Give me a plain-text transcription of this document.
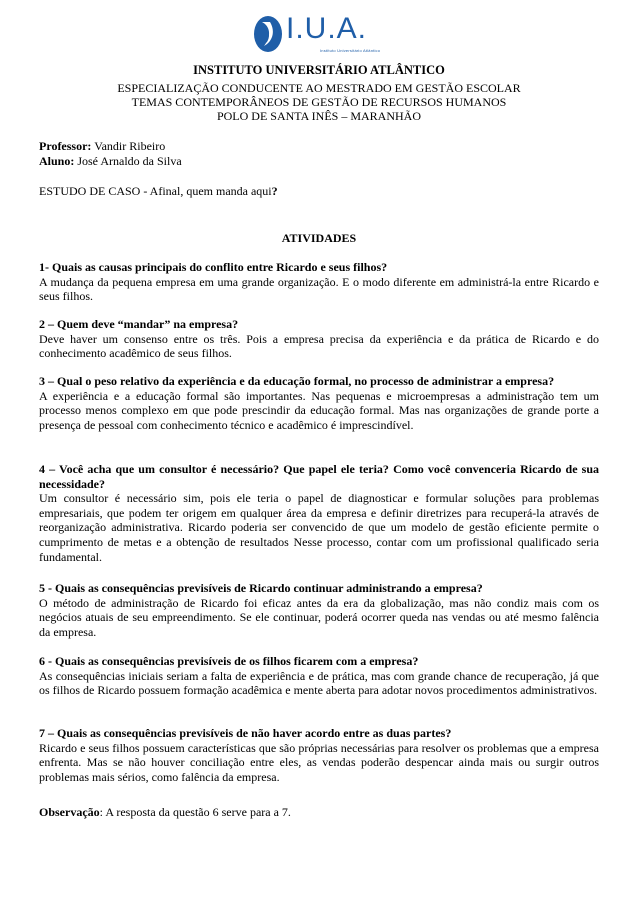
I.U.A.
Instituto Universitário Atlântico
INSTITUTO UNIVERSITÁRIO ATLÂNTICO
ESPECIALIZAÇÃO CONDUCENTE AO MESTRADO EM GESTÃO ESCOLAR
TEMAS CONTEMPORÂNEOS DE GESTÃO DE RECURSOS HUMANOS
POLO DE SANTA INÊS – MARANHÃO
Professor: Vandir Ribeiro
Aluno: José Arnaldo da Silva
ESTUDO DE CASO - Afinal, quem manda aqui?
ATIVIDADES
1- Quais as causas principais do conflito entre Ricardo e seus filhos?
A mudança da pequena empresa em uma grande organização. E o modo diferente em administrá-la entre Ricardo e seus filhos.
2 – Quem deve “mandar” na empresa?
Deve haver um consenso entre os três. Pois a empresa precisa da experiência e da prática de Ricardo e do conhecimento acadêmico de seus filhos.
3 – Qual o peso relativo da experiência e da educação formal, no processo de administrar a empresa?
A experiência e a educação formal são importantes. Nas pequenas e microempresas a administração tem um processo menos complexo em que pode prescindir da educação formal. Mas nas organizações de grande porte a presença de pessoal com conhecimento técnico e acadêmico é imprescindível.
4 – Você acha que um consultor é necessário? Que papel ele teria? Como você convenceria Ricardo de sua necessidade?
Um consultor é necessário sim, pois ele teria o papel de diagnosticar e formular soluções para problemas empresariais, que podem ter origem em qualquer área da empresa e definir diretrizes para recuperá-la através de reorganização administrativa. Ricardo poderia ser convencido de que um modelo de gestão eficiente permite o cumprimento de metas e a obtenção de resultados Nesse processo, contar com um profissional qualificado seria fundamental.
5 - Quais as consequências previsíveis de Ricardo continuar administrando a empresa?
O método de administração de Ricardo foi eficaz antes da era da globalização, mas não condiz mais com os negócios atuais de seu empreendimento. Se ele continuar, poderá ocorrer queda nas vendas ou até mesmo falência da empresa.
6 - Quais as consequências previsíveis de os filhos ficarem com a empresa?
As consequências iniciais seriam a falta de experiência e de prática, mas com grande chance de recuperação, já que os filhos de Ricardo possuem formação acadêmica e mente aberta para adotar novos procedimentos administrativos.
7 – Quais as consequências previsíveis de não haver acordo entre as duas partes?
Ricardo e seus filhos possuem características que são próprias necessárias para resolver os problemas que a empresa enfrenta. Mas se não houver conciliação entre eles, as vendas poderão despencar ainda mais ou surgir outros problemas mais sérios, como falência da empresa.
Observação: A resposta da questão 6 serve para a 7.
